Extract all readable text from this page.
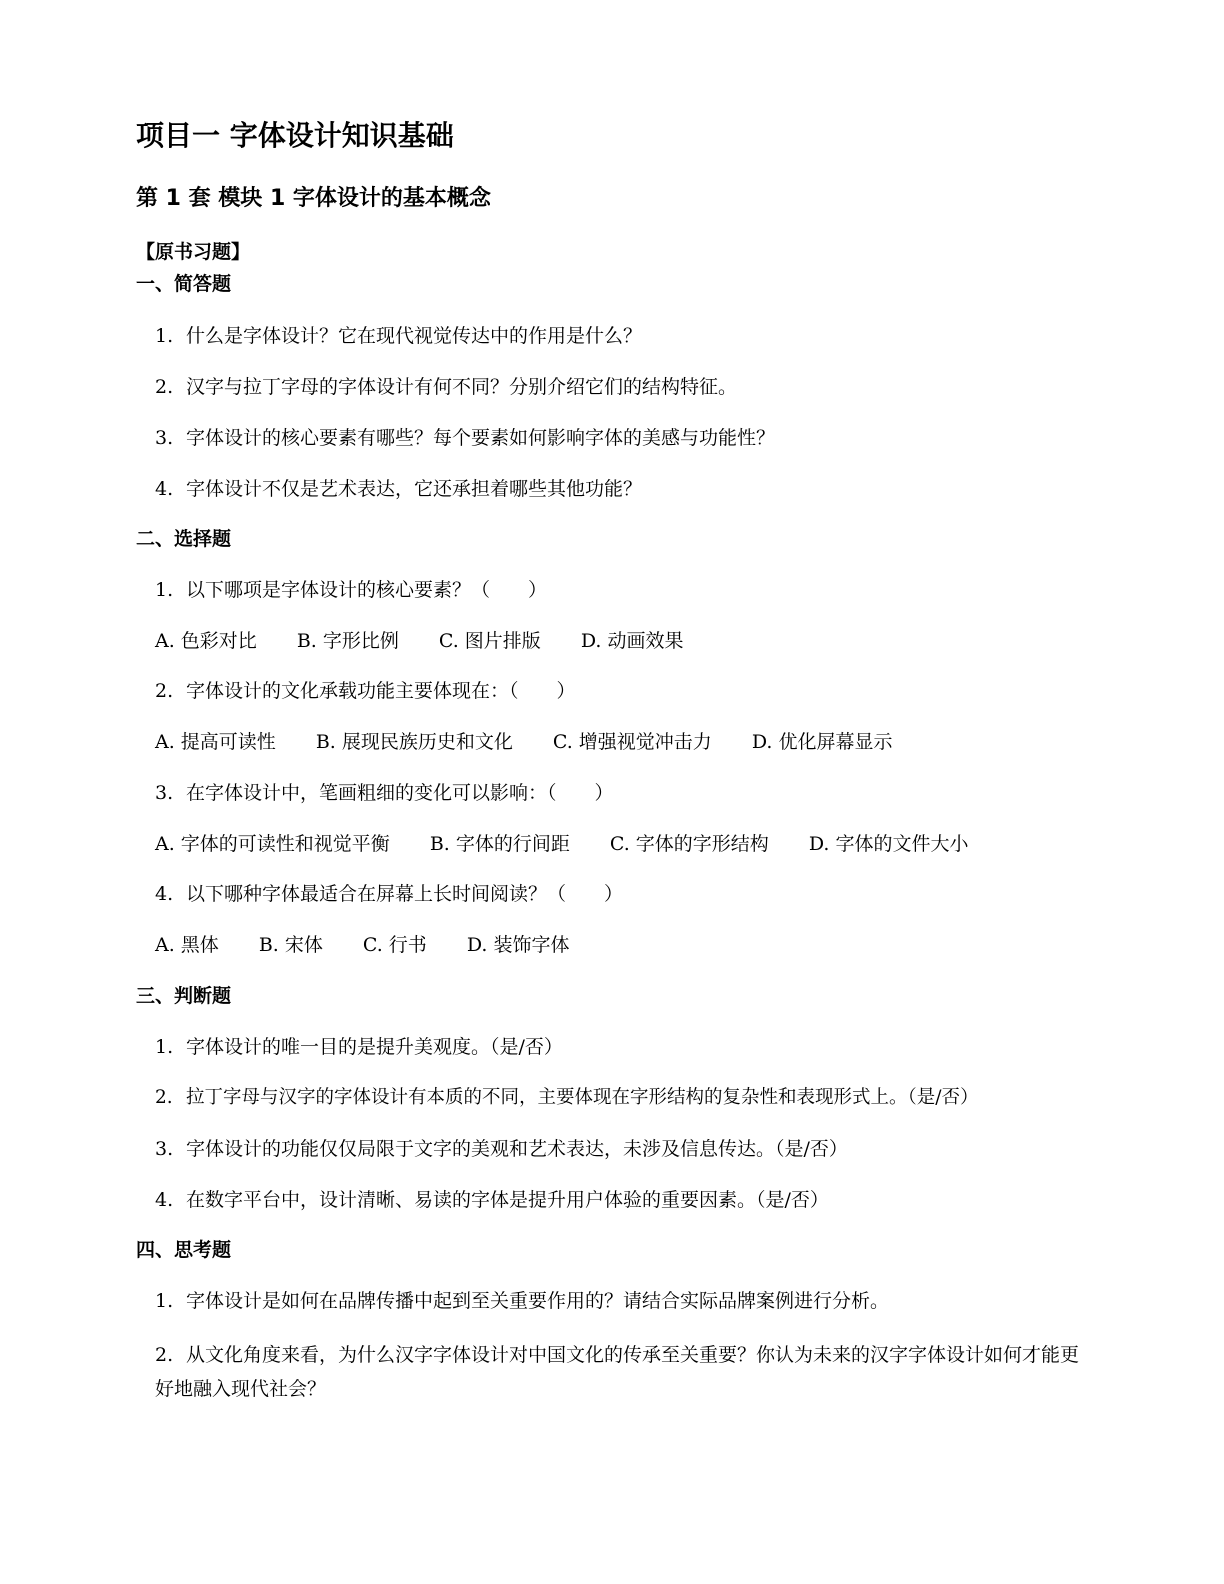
项目一 字体设计知识基础
第 1 套 模块 1 字体设计的基本概念
【原书习题】
一、简答题
1. 什么是字体设计？它在现代视觉传达中的作用是什么？
2. 汉字与拉丁字母的字体设计有何不同？分别介绍它们的结构特征。
3. 字体设计的核心要素有哪些？每个要素如何影响字体的美感与功能性？
4. 字体设计不仅是艺术表达，它还承担着哪些其他功能？
二、选择题
1. 以下哪项是字体设计的核心要素？（　　）
A. 色彩对比 B. 字形比例 C. 图片排版 D. 动画效果
2. 字体设计的文化承载功能主要体现在：（　　）
A. 提高可读性 B. 展现民族历史和文化 C. 增强视觉冲击力 D. 优化屏幕显示
3. 在字体设计中，笔画粗细的变化可以影响：（　　）
A. 字体的可读性和视觉平衡 B. 字体的行间距 C. 字体的字形结构 D. 字体的文件大小
4. 以下哪种字体最适合在屏幕上长时间阅读？（　　）
A. 黑体 B. 宋体 C. 行书 D. 装饰字体
三、判断题
1. 字体设计的唯一目的是提升美观度。（是/否）
2. 拉丁字母与汉字的字体设计有本质的不同，主要体现在字形结构的复杂性和表现形式上。（是/否）
3. 字体设计的功能仅仅局限于文字的美观和艺术表达，未涉及信息传达。（是/否）
4. 在数字平台中，设计清晰、易读的字体是提升用户体验的重要因素。（是/否）
四、思考题
1. 字体设计是如何在品牌传播中起到至关重要作用的？请结合实际品牌案例进行分析。
2. 从文化角度来看，为什么汉字字体设计对中国文化的传承至关重要？你认为未来的汉字字体设计如何才能更好地融入现代社会？
